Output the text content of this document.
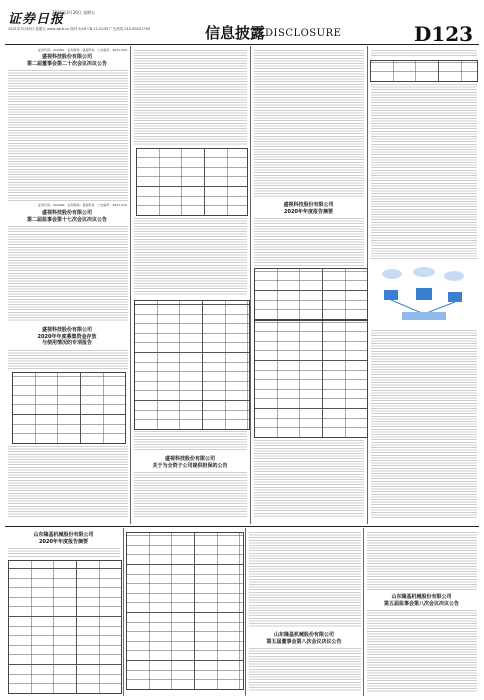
证券日报
2021年3月26日 星期五
2021年3月26日 星期五 www.zqrb.cn 周刊 5/16 CN 11-0235 广告热线 010-83251700	信息披露 DISCLOSURE	D123
证券代码：002990　证券简称：盛视科技　公告编号：2021-009
盛视科技股份有限公司
第二届董事会第二十次会议决议公告
证券代码：002990　证券简称：盛视科技　公告编号：2021-010
盛视科技股份有限公司
第二届监事会第十七次会议决议公告
盛视科技股份有限公司
2020年年度募集资金存放
与使用情况的专项报告
盛视科技股份有限公司
关于为全资子公司提供担保的公告
盛视科技股份有限公司
2020年年度报告摘要
山东隆基机械股份有限公司
2020年年度报告摘要
山东隆基机械股份有限公司
第五届董事会第八次会议决议公告
山东隆基机械股份有限公司
第五届监事会第八次会议决议公告
